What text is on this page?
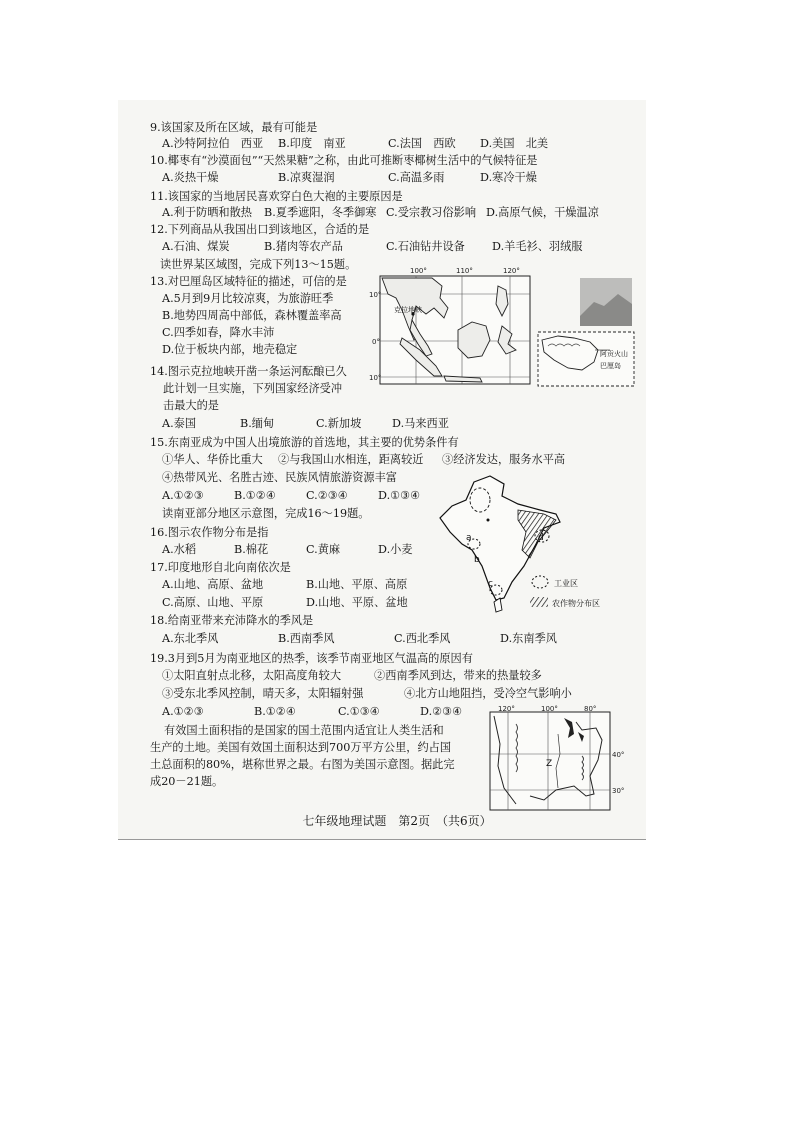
9.该国家及所在区域，最有可能是
A.沙特阿拉伯　西亚 B.印度　南亚	C.法国　西欧 D.美国　北美
10.椰枣有“沙漠面包”“天然果糖”之称，由此可推断枣椰树生活中的气候特征是
A.炎热干燥	B.凉爽湿润	C.高温多雨	D.寒冷干燥
11.该国家的当地居民喜欢穿白色大袍的主要原因是
A.利于防晒和散热 B.夏季遮阳，冬季御寒 C.受宗教习俗影响 D.高原气候，干燥温凉
12.下列商品从我国出口到该地区，合适的是
A.石油、煤炭	B.猪肉等农产品	C.石油钻井设备 D.羊毛衫、羽绒服
读世界某区域图，完成下列13～15题。
13.对巴厘岛区域特征的描述，可信的是
A.5月到9月比较凉爽，为旅游旺季
B.地势四周高中部低，森林覆盖率高
C.四季如春，降水丰沛
D.位于板块内部，地壳稳定
14.图示克拉地峡开凿一条运河酝酿已久
此计划一旦实施，下列国家经济受冲
击最大的是
A.泰国	B.缅甸	C.新加坡	D.马来西亚
15.东南亚成为中国人出境旅游的首选地，其主要的优势条件有
①华人、华侨比重大 ②与我国山水相连，距离较近 ③经济发达，服务水平高
④热带风光、名胜古迹、民族风情旅游资源丰富
A.①②③	B.①②④	C.②③④	D.①③④
读南亚部分地区示意图，完成16～19题。
16.图示农作物分布是指
A.水稻	B.棉花	C.黄麻	D.小麦
17.印度地形自北向南依次是
A.山地、高原、盆地	B.山地、平原、高原
C.高原、山地、平原	D.山地、平原、盆地
18.给南亚带来充沛降水的季风是
A.东北季风	B.西南季风	C.西北季风	D.东南季风
19.3月到5月为南亚地区的热季，该季节南亚地区气温高的原因有
①太阳直射点北移，太阳高度角较大	②西南季风到达，带来的热量较多
③受东北季风控制，晴天多，太阳辐射强	④北方山地阻挡，受冷空气影响小
A.①②③	B.①②④	C.①③④	D.②③④
有效国土面积指的是国家的国土范围内适宜让人类生活和
生产的土地。美国有效国土面积达到700万平方公里，约占国
土总面积的80%，堪称世界之最。右图为美国示意图。据此完
成20－21题。
100°	110°	120°
10°
0°
10°
克拉地峡
阿贡火山
巴厘岛
a
b
c
d
工业区
农作物分布区
120°	100°	80°
40°
30°
Z
七年级地理试题　第2页　（共6页）
